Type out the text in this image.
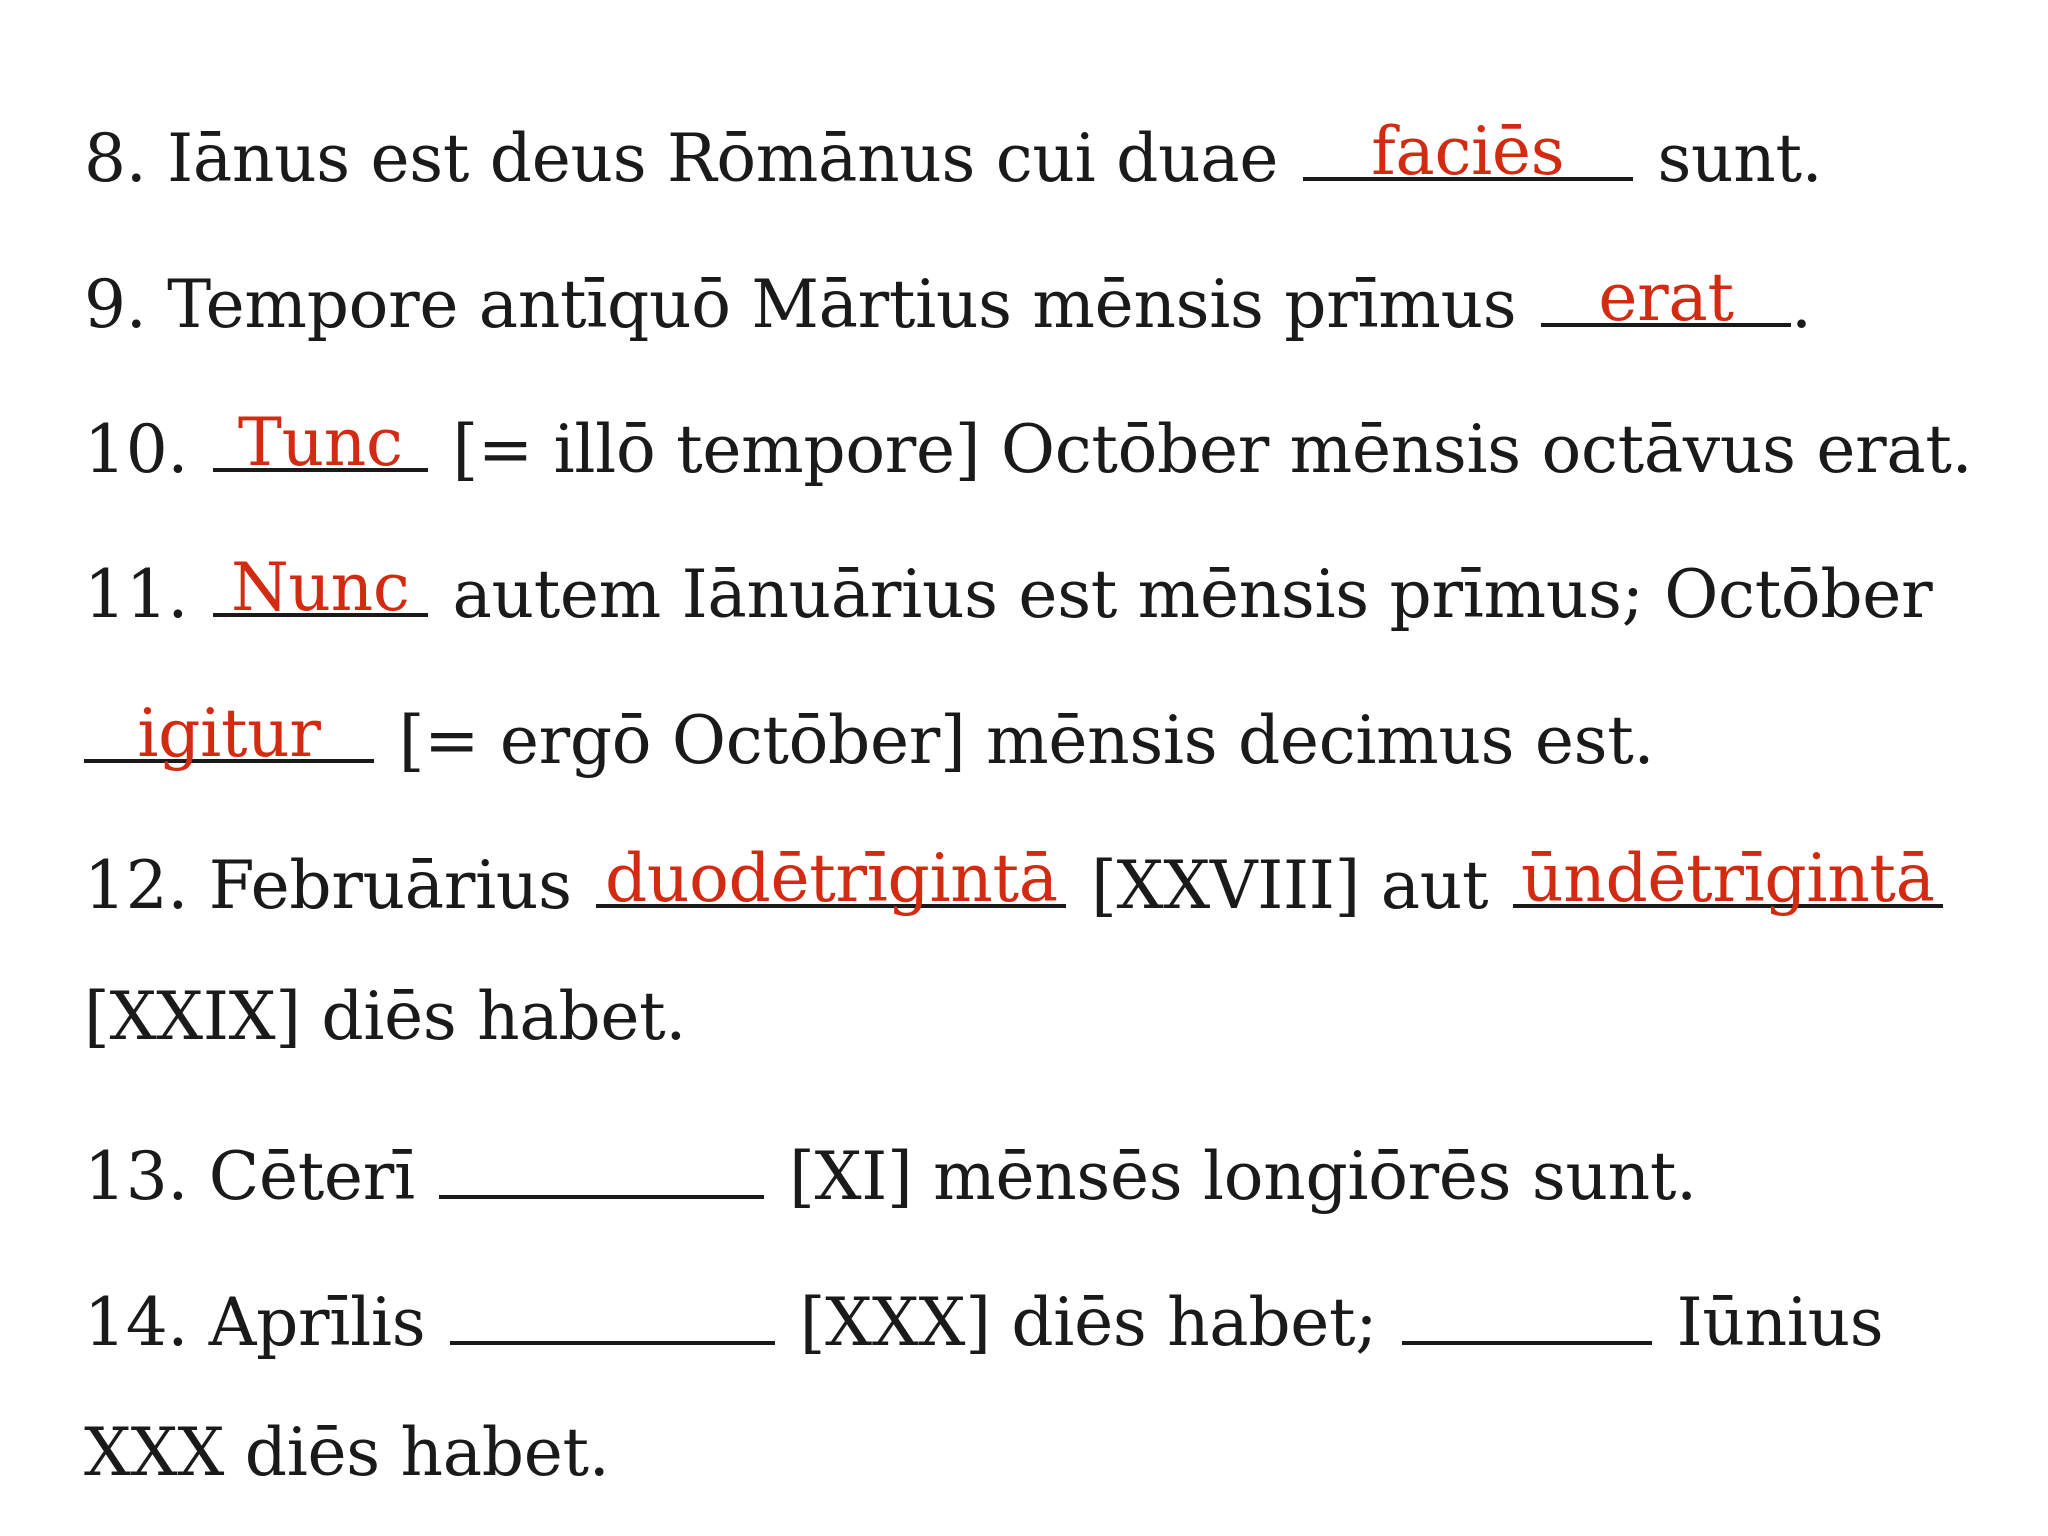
8. Iānus est deus Rōmānus cui duae	faciēs	sunt.
9. Tempore antīquō Mārtius mēnsis prīmus	erat .
10. Tunc [= illō tempore] Octōber mēnsis octāvus erat.
11. Nunc autem Iānuārius est mēnsis prīmus; Octōber
igitur	[= ergō Octōber] mēnsis decimus est.
12. Februārius duodētrīgintā [XXVIII] aut ūndētrīgintā
[XXIX] diēs habet.
13. Cēterī	[XI] mēnsēs longiōrēs sunt.
14. Aprīlis	[XXX] diēs habet;	Iūnius
XXX diēs habet.
